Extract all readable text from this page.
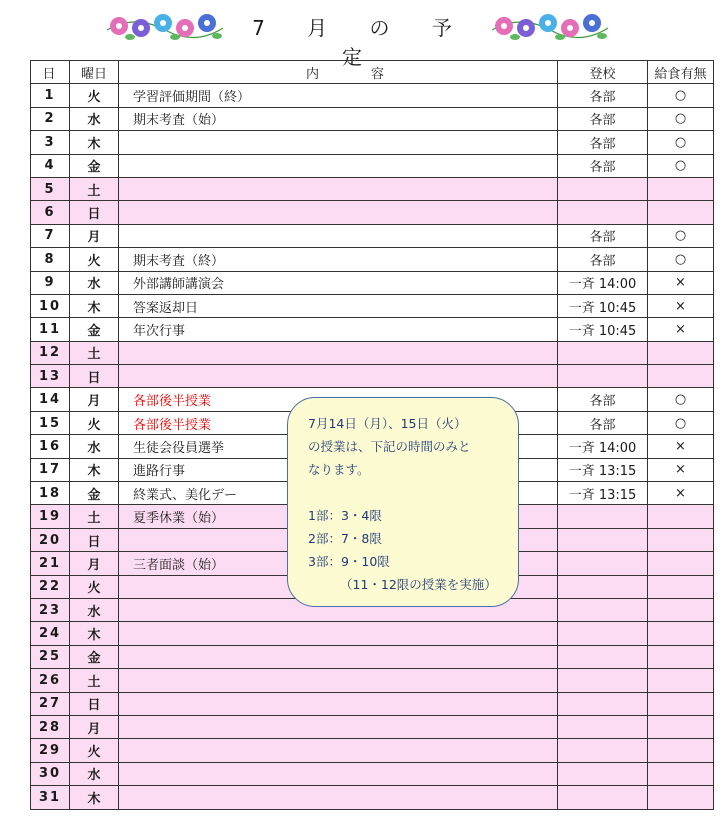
7 月 の 予 定
日	曜日	内　　　　容	登校	給食有無
1	火	学習評価期間（終）	各部	○
2	水	期末考査（始）	各部	○
3	木		各部	○
4	金		各部	○
5	土			
6	日			
7	月		各部	○
8	火	期末考査（終）	各部	○
9	水	外部講師講演会	一斉 14:00	×
10	木	答案返却日	一斉 10:45	×
11	金	年次行事	一斉 10:45	×
12	土			
13	日			
14	月	各部後半授業	各部	○
15	火	各部後半授業	各部	○
16	水	生徒会役員選挙	一斉 14:00	×
17	木	進路行事	一斉 13:15	×
18	金	終業式、美化デー	一斉 13:15	×
19	土	夏季休業（始）		
20	日			
21	月	三者面談（始）		
22	火			
23	水			
24	木			
25	金			
26	土			
27	日			
28	月			
29	火			
30	水			
31	木			
7月14日（月）、15日（火）
の授業は、下記の時間のみと
なります。
1部：3・4限
2部：7・8限
3部：9・10限
（11・12限の授業を実施）
